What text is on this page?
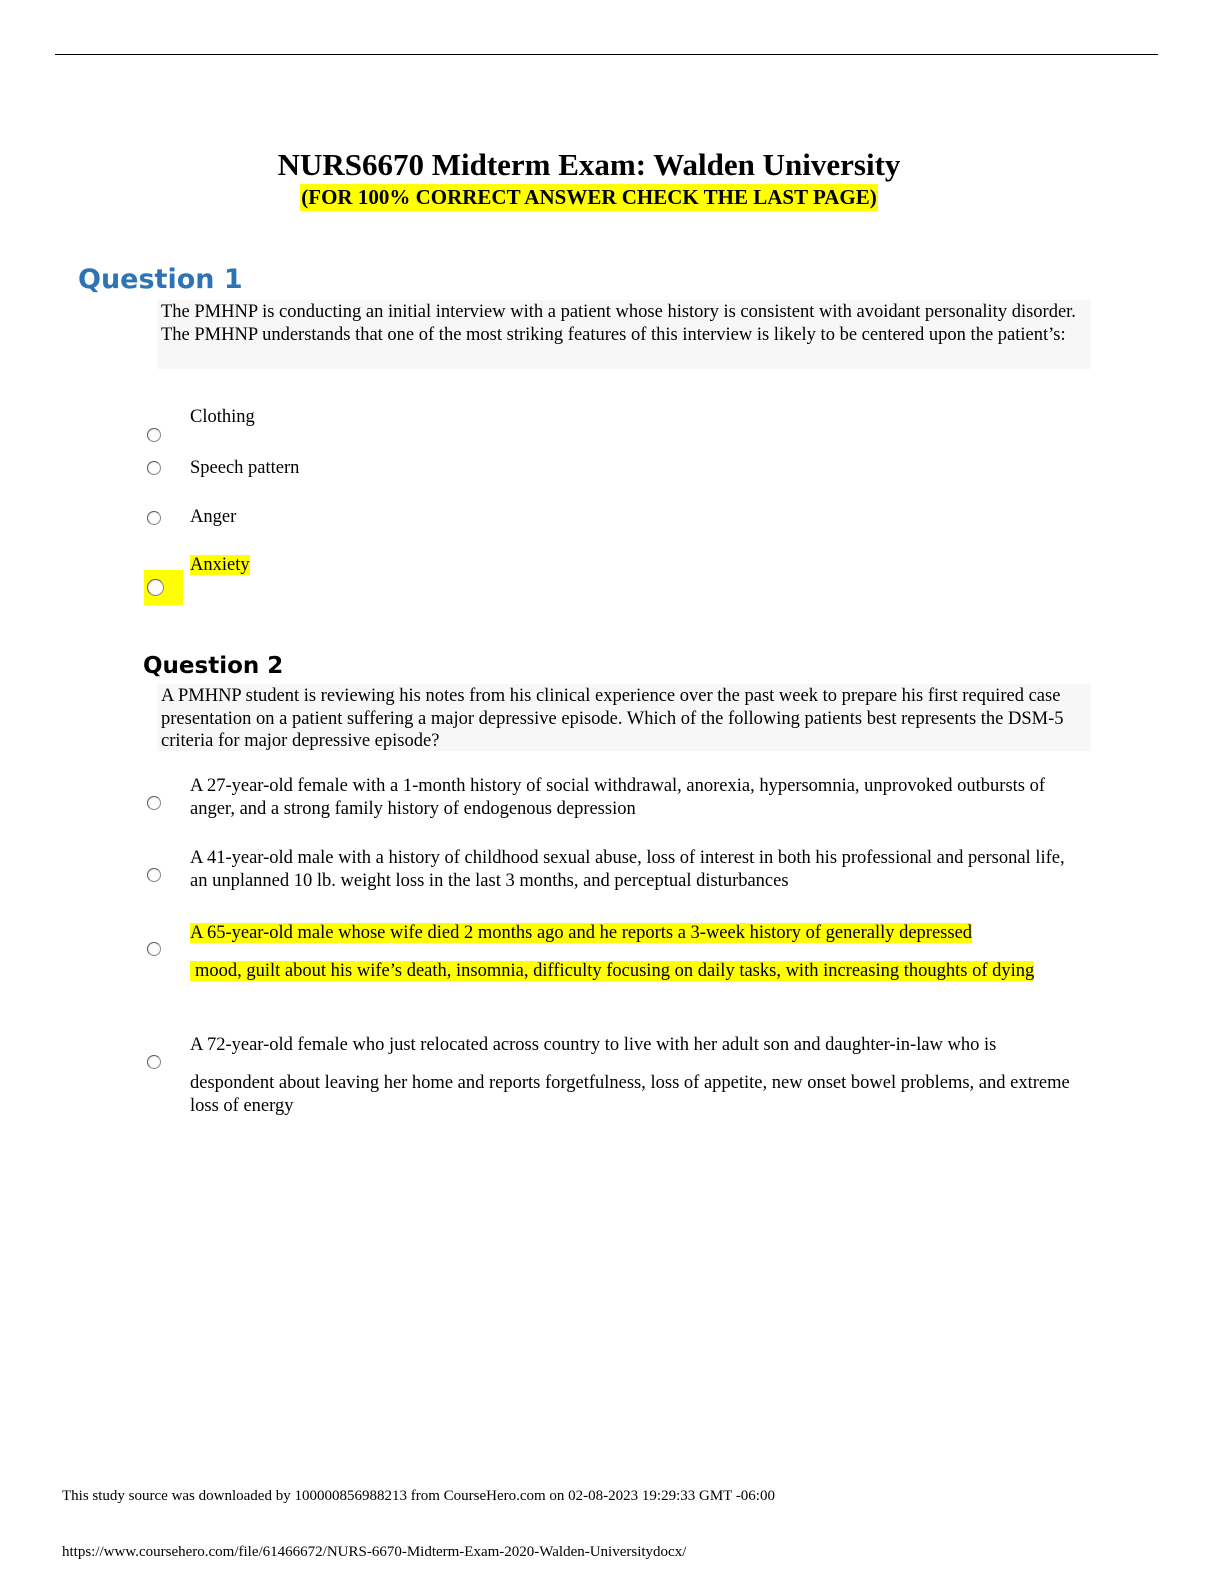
NURS6670 Midterm Exam: Walden University
(FOR 100% CORRECT ANSWER CHECK THE LAST PAGE)
Question 1
The PMHNP is conducting an initial interview with a patient whose history is consistent with avoidant personality disorder. The PMHNP understands that one of the most striking features of this interview is likely to be centered upon the patient’s:
Clothing
Speech pattern
Anger
Anxiety
Question 2
A PMHNP student is reviewing his notes from his clinical experience over the past week to prepare his first required case presentation on a patient suffering a major depressive episode. Which of the following patients best represents the DSM-5 criteria for major depressive episode?
A 27-year-old female with a 1-month history of social withdrawal, anorexia, hypersomnia, unprovoked outbursts of anger, and a strong family history of endogenous depression
A 41-year-old male with a history of childhood sexual abuse, loss of interest in both his professional and personal life, an unplanned 10 lb. weight loss in the last 3 months, and perceptual disturbances
A 65-year-old male whose wife died 2 months ago and he reports a 3-week history of generally depressed
mood, guilt about his wife’s death, insomnia, difficulty focusing on daily tasks, with increasing thoughts of dying
A 72-year-old female who just relocated across country to live with her adult son and daughter-in-law who is
despondent about leaving her home and reports forgetfulness, loss of appetite, new onset bowel problems, and extreme loss of energy
This study source was downloaded by 100000856988213 from CourseHero.com on 02-08-2023 19:29:33 GMT -06:00
https://www.coursehero.com/file/61466672/NURS-6670-Midterm-Exam-2020-Walden-Universitydocx/
